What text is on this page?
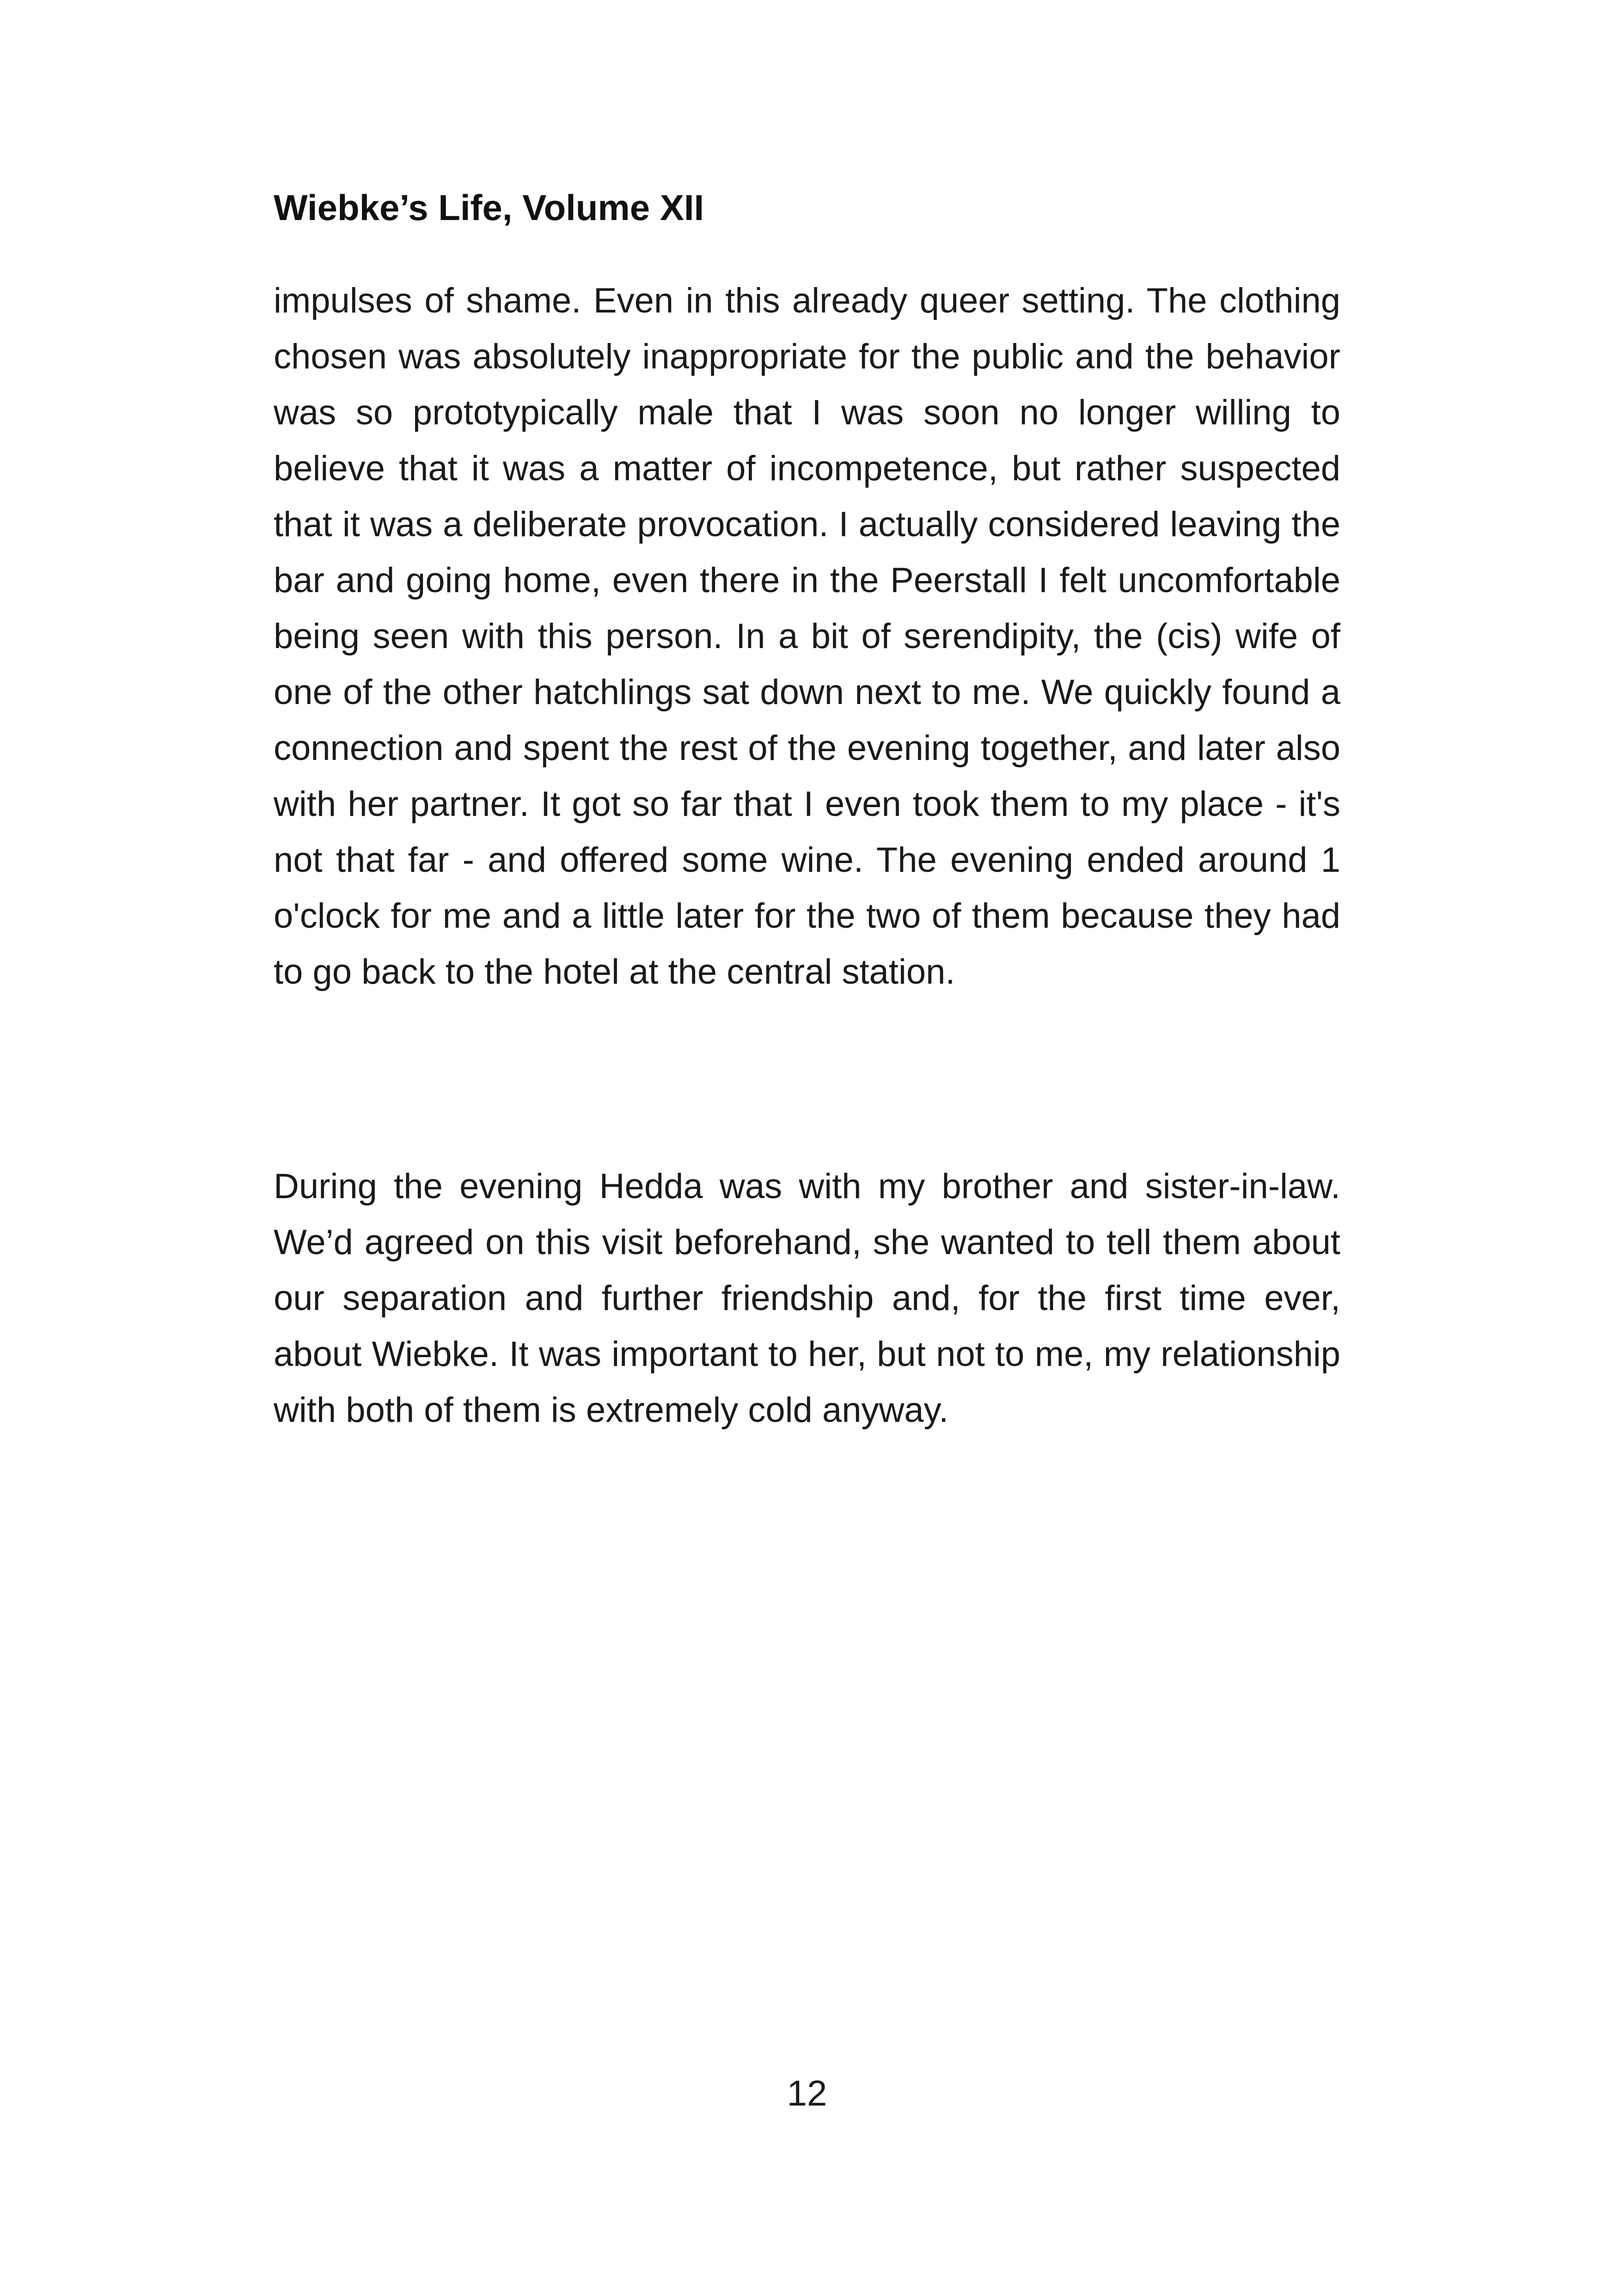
Wiebke’s Life, Volume XII

impulses of shame. Even in this already queer setting. The clothing chosen was absolutely inappropriate for the public and the behavior was so prototypically male that I was soon no longer willing to believe that it was a matter of incompetence, but rather suspected that it was a deliberate provocation. I actually considered leaving the bar and going home, even there in the Peerstall I felt uncomfortable being seen with this person. In a bit of serendipity, the (cis) wife of one of the other hatchlings sat down next to me. We quickly found a connection and spent the rest of the evening together, and later also with her partner. It got so far that I even took them to my place - it's not that far - and offered some wine. The evening ended around 1 o'clock for me and a little later for the two of them because they had to go back to the hotel at the central station.

During the evening Hedda was with my brother and sister-in-law. We’d agreed on this visit beforehand, she wanted to tell them about our separation and further friendship and, for the first time ever, about Wiebke. It was important to her, but not to me, my relationship with both of them is extremely cold anyway.

12
